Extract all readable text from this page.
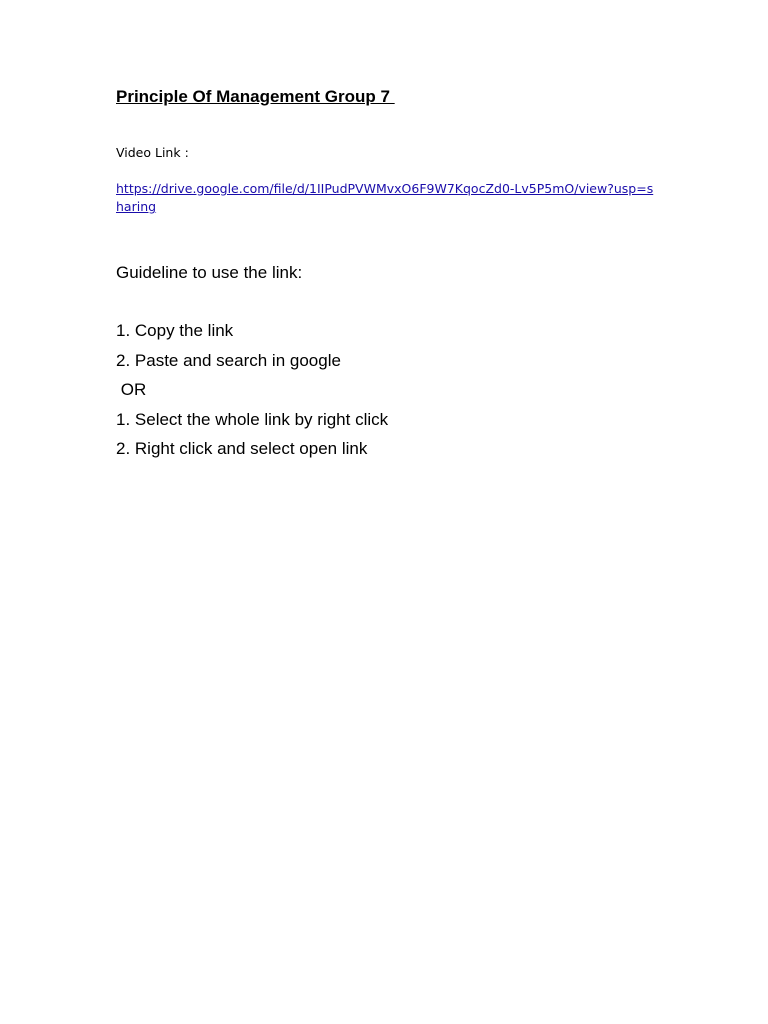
Principle Of Management Group 7

Video Link :

https://drive.google.com/file/d/1IIPudPVWMvxO6F9W7KqocZd0-Lv5P5mO/view?usp=sharing

Guideline to use the link:

1. Copy the link
2. Paste and search in google
OR
1. Select the whole link by right click
2. Right click and select open link
